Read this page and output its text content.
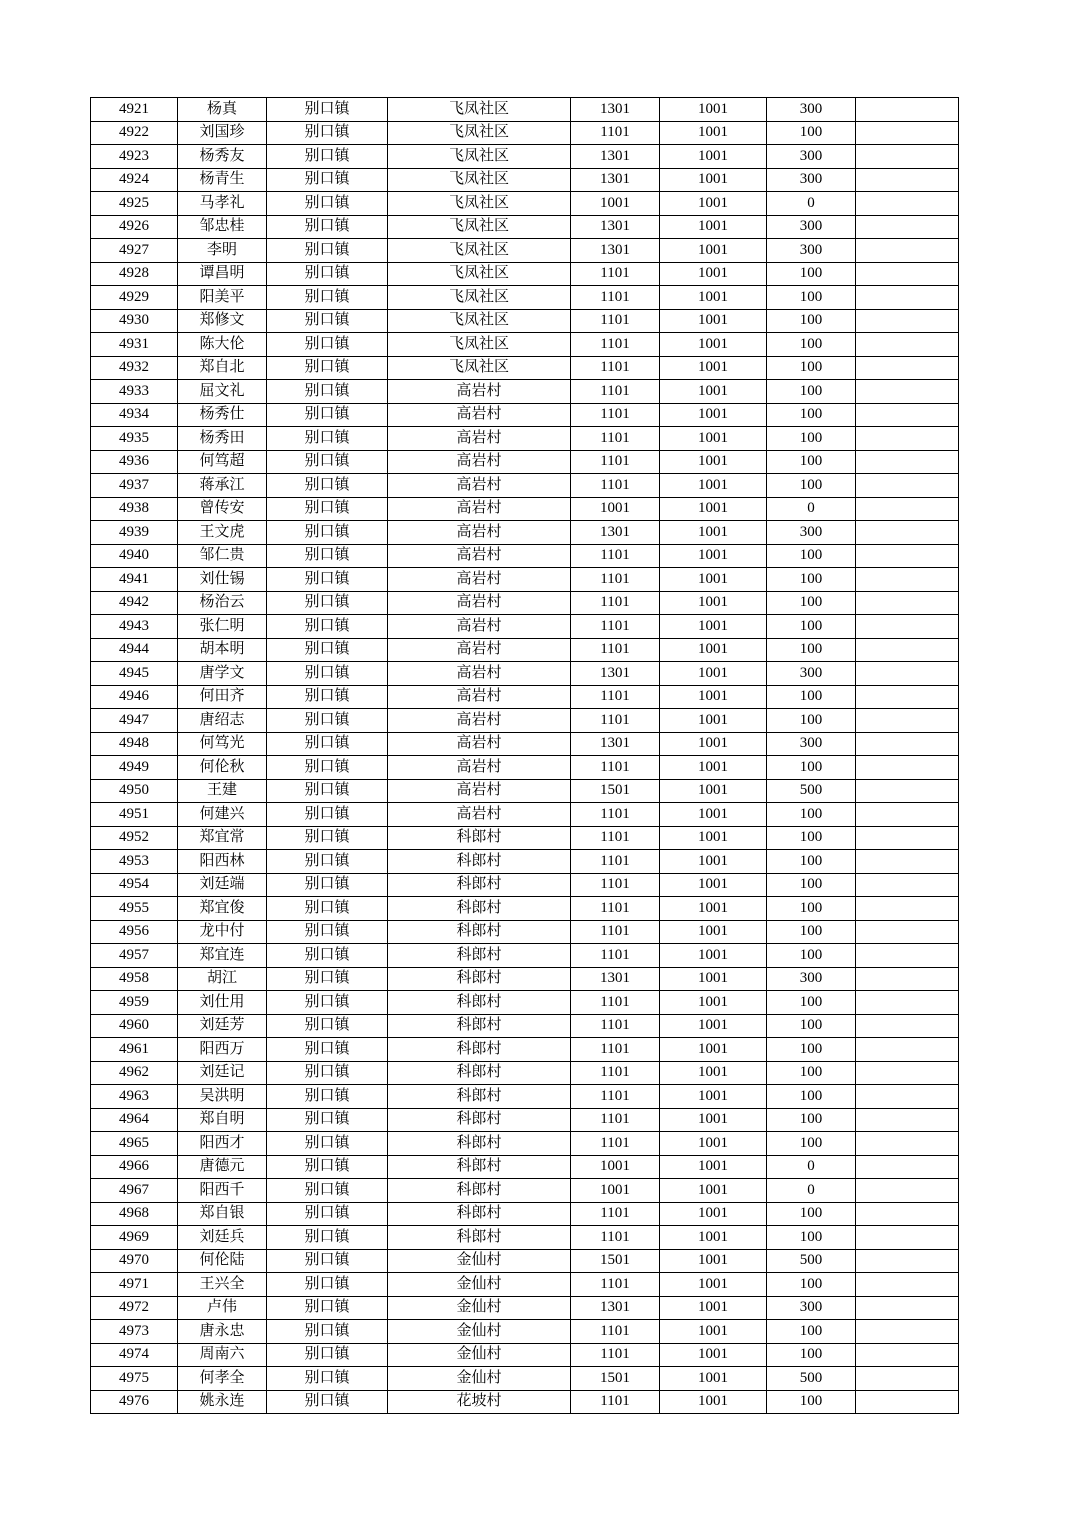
4921	杨真	别口镇	飞凤社区	1301	1001	300	
4922	刘国珍	别口镇	飞凤社区	1101	1001	100	
4923	杨秀友	别口镇	飞凤社区	1301	1001	300	
4924	杨青生	别口镇	飞凤社区	1301	1001	300	
4925	马孝礼	别口镇	飞凤社区	1001	1001	0	
4926	邹忠桂	别口镇	飞凤社区	1301	1001	300	
4927	李明	别口镇	飞凤社区	1301	1001	300	
4928	谭昌明	别口镇	飞凤社区	1101	1001	100	
4929	阳美平	别口镇	飞凤社区	1101	1001	100	
4930	郑修文	别口镇	飞凤社区	1101	1001	100	
4931	陈大伦	别口镇	飞凤社区	1101	1001	100	
4932	郑自北	别口镇	飞凤社区	1101	1001	100	
4933	屈文礼	别口镇	高岩村	1101	1001	100	
4934	杨秀仕	别口镇	高岩村	1101	1001	100	
4935	杨秀田	别口镇	高岩村	1101	1001	100	
4936	何笃超	别口镇	高岩村	1101	1001	100	
4937	蒋承江	别口镇	高岩村	1101	1001	100	
4938	曾传安	别口镇	高岩村	1001	1001	0	
4939	王文虎	别口镇	高岩村	1301	1001	300	
4940	邹仁贵	别口镇	高岩村	1101	1001	100	
4941	刘仕锡	别口镇	高岩村	1101	1001	100	
4942	杨治云	别口镇	高岩村	1101	1001	100	
4943	张仁明	别口镇	高岩村	1101	1001	100	
4944	胡本明	别口镇	高岩村	1101	1001	100	
4945	唐学文	别口镇	高岩村	1301	1001	300	
4946	何田齐	别口镇	高岩村	1101	1001	100	
4947	唐绍志	别口镇	高岩村	1101	1001	100	
4948	何笃光	别口镇	高岩村	1301	1001	300	
4949	何伦秋	别口镇	高岩村	1101	1001	100	
4950	王建	别口镇	高岩村	1501	1001	500	
4951	何建兴	别口镇	高岩村	1101	1001	100	
4952	郑宜常	别口镇	科郎村	1101	1001	100	
4953	阳西林	别口镇	科郎村	1101	1001	100	
4954	刘廷端	别口镇	科郎村	1101	1001	100	
4955	郑宜俊	别口镇	科郎村	1101	1001	100	
4956	龙中付	别口镇	科郎村	1101	1001	100	
4957	郑宜连	别口镇	科郎村	1101	1001	100	
4958	胡江	别口镇	科郎村	1301	1001	300	
4959	刘仕用	别口镇	科郎村	1101	1001	100	
4960	刘廷芳	别口镇	科郎村	1101	1001	100	
4961	阳西万	别口镇	科郎村	1101	1001	100	
4962	刘廷记	别口镇	科郎村	1101	1001	100	
4963	吴洪明	别口镇	科郎村	1101	1001	100	
4964	郑自明	别口镇	科郎村	1101	1001	100	
4965	阳西才	别口镇	科郎村	1101	1001	100	
4966	唐德元	别口镇	科郎村	1001	1001	0	
4967	阳西千	别口镇	科郎村	1001	1001	0	
4968	郑自银	别口镇	科郎村	1101	1001	100	
4969	刘廷兵	别口镇	科郎村	1101	1001	100	
4970	何伦陆	别口镇	金仙村	1501	1001	500	
4971	王兴全	别口镇	金仙村	1101	1001	100	
4972	卢伟	别口镇	金仙村	1301	1001	300	
4973	唐永忠	别口镇	金仙村	1101	1001	100	
4974	周南六	别口镇	金仙村	1101	1001	100	
4975	何孝全	别口镇	金仙村	1501	1001	500	
4976	姚永连	别口镇	花坡村	1101	1001	100	
